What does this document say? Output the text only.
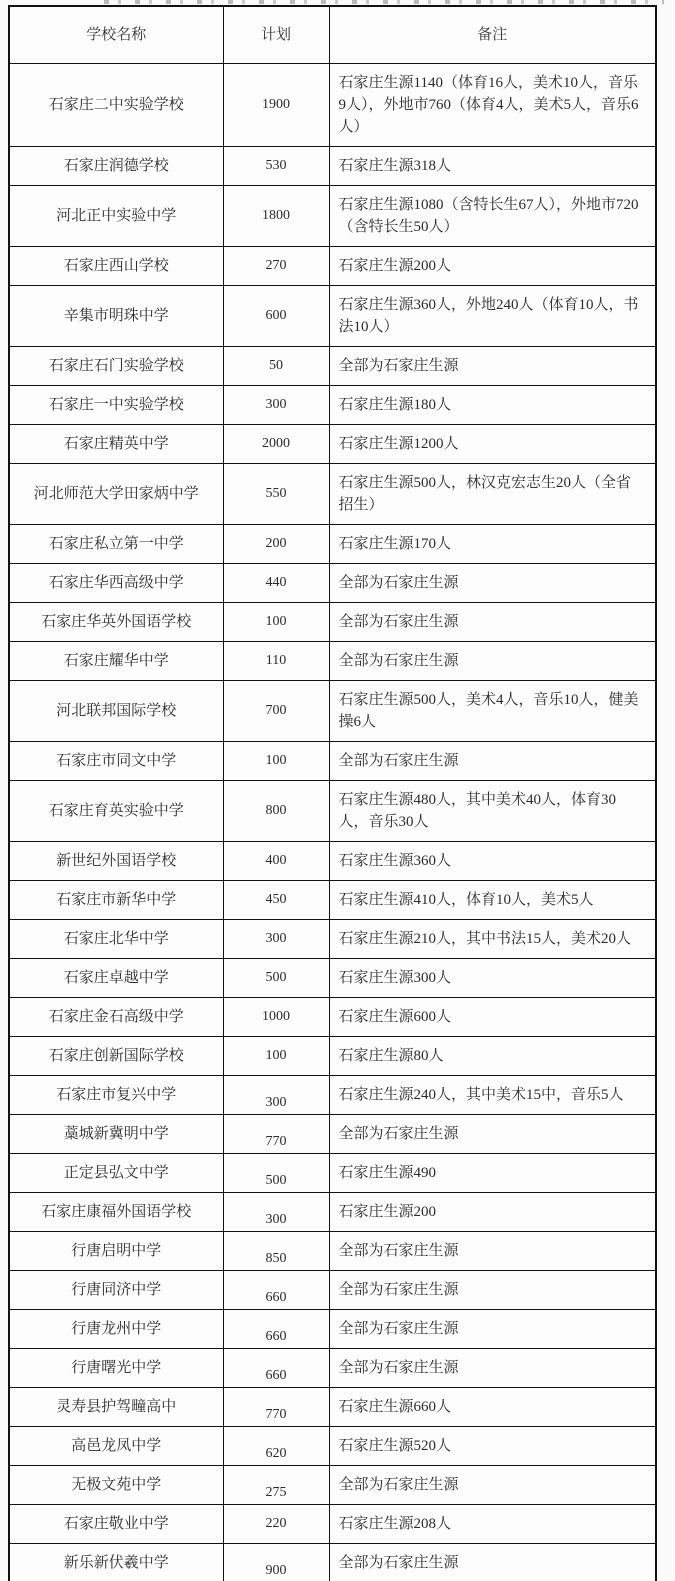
学校名称	计划	备注
石家庄二中实验学校	1900	石家庄生源1140（体育16人，美术10人，音乐9人），外地市760（体育4人，美术5人，音乐6人）
石家庄润德学校	530	石家庄生源318人
河北正中实验中学	1800	石家庄生源1080（含特长生67人），外地市720（含特长生50人）
石家庄西山学校	270	石家庄生源200人
辛集市明珠中学	600	石家庄生源360人，外地240人（体育10人，书法10人）
石家庄石门实验学校	50	全部为石家庄生源
石家庄一中实验学校	300	石家庄生源180人
石家庄精英中学	2000	石家庄生源1200人
河北师范大学田家炳中学	550	石家庄生源500人，林汉克宏志生20人（全省招生）
石家庄私立第一中学	200	石家庄生源170人
石家庄华西高级中学	440	全部为石家庄生源
石家庄华英外国语学校	100	全部为石家庄生源
石家庄耀华中学	110	全部为石家庄生源
河北联邦国际学校	700	石家庄生源500人，美术4人，音乐10人，健美操6人
石家庄市同文中学	100	全部为石家庄生源
石家庄育英实验中学	800	石家庄生源480人，其中美术40人，体育30人，音乐30人
新世纪外国语学校	400	石家庄生源360人
石家庄市新华中学	450	石家庄生源410人，体育10人，美术5人
石家庄北华中学	300	石家庄生源210人，其中书法15人，美术20人
石家庄卓越中学	500	石家庄生源300人
石家庄金石高级中学	1000	石家庄生源600人
石家庄创新国际学校	100	石家庄生源80人
石家庄市复兴中学	300	石家庄生源240人，其中美术15中，音乐5人
藁城新冀明中学	770	全部为石家庄生源
正定县弘文中学	500	石家庄生源490
石家庄康福外国语学校	300	石家庄生源200
行唐启明中学	850	全部为石家庄生源
行唐同济中学	660	全部为石家庄生源
行唐龙州中学	660	全部为石家庄生源
行唐曙光中学	660	全部为石家庄生源
灵寿县护驾疃高中	770	石家庄生源660人
高邑龙凤中学	620	石家庄生源520人
无极文苑中学	275	全部为石家庄生源
石家庄敬业中学	220	石家庄生源208人
新乐新伏羲中学	900	全部为石家庄生源
